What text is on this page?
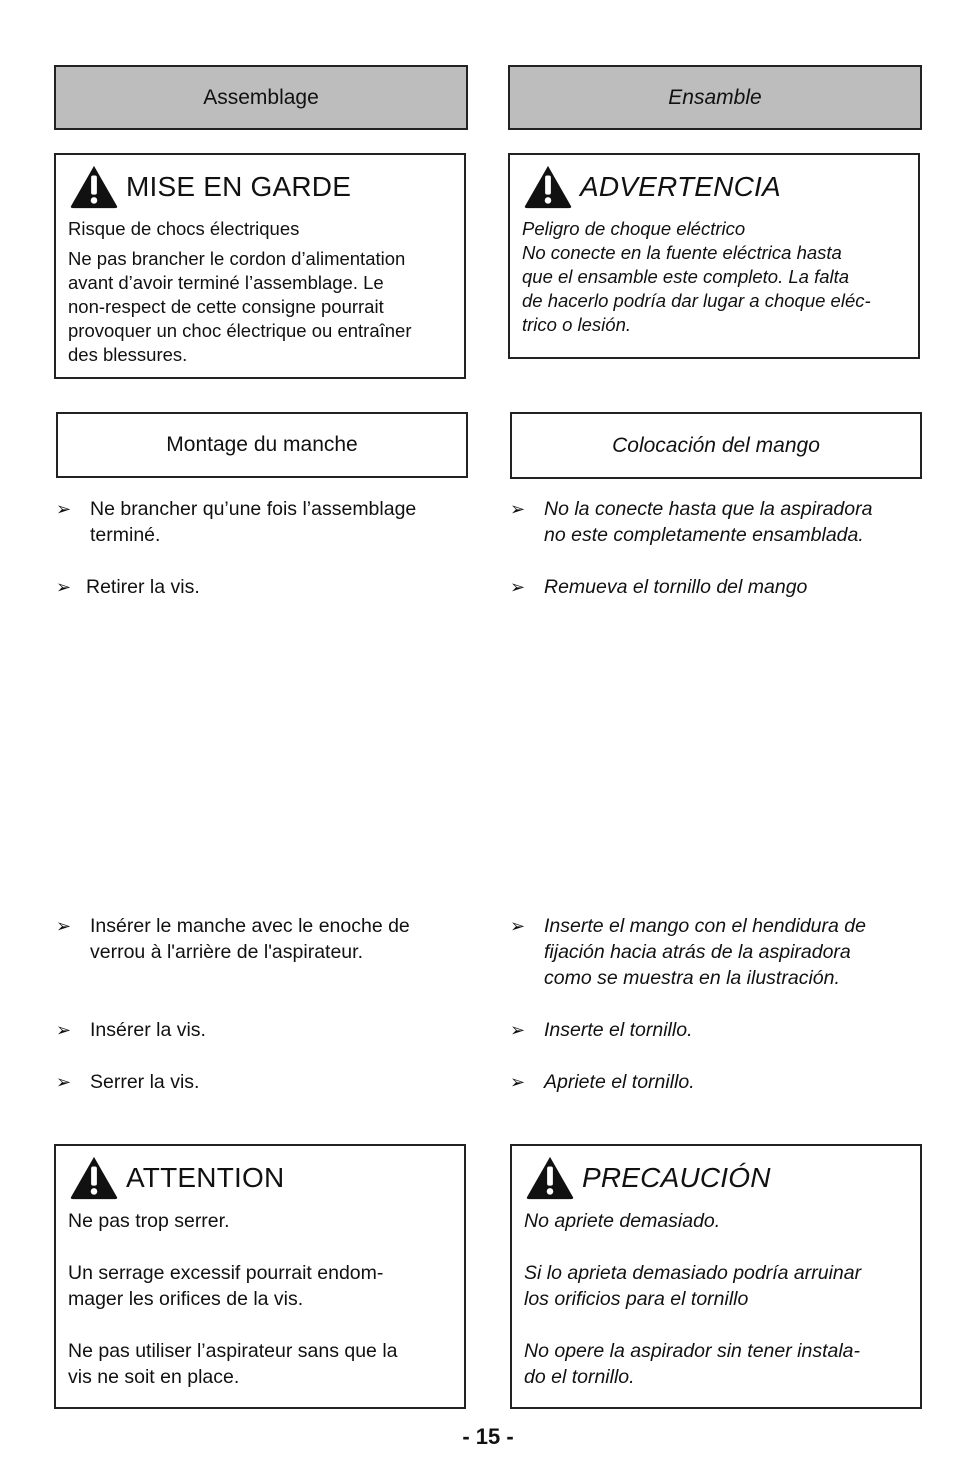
Assemblage
MISE EN GARDE
Risque de chocs électriques
Ne pas brancher le cordon d’alimentation
avant d’avoir terminé l’assemblage. Le
non-respect de cette consigne pourrait
provoquer un choc électrique ou entraîner
des blessures.
Montage du manche
➢ Ne brancher qu’une fois l’assemblage
terminé.
➢ Retirer la vis.
➢ Insérer le manche avec le enoche de
verrou à l'arrière de l'aspirateur.
➢ Insérer la vis.
➢ Serrer la vis.
ATTENTION
Ne pas trop serrer.
Un serrage excessif pourrait endom-
mager les orifices de la vis.
Ne pas utiliser l’aspirateur sans que la
vis ne soit en place.
Ensamble
ADVERTENCIA
Peligro de choque eléctrico
No conecte en la fuente eléctrica hasta
que el ensamble este completo. La falta
de hacerlo podría dar lugar a choque eléc-
trico o lesión.
Colocación del mango
➢ No la conecte hasta que la aspiradora
no este completamente ensamblada.
➢ Remueva el tornillo del mango
➢ Inserte el mango con el hendidura de
fijación hacia atrás de la aspiradora
como se muestra en la ilustración.
➢ Inserte el tornillo.
➢ Apriete el tornillo.
PRECAUCIÓN
No apriete demasiado.
Si lo aprieta demasiado podría arruinar
los orificios para el tornillo
No opere la aspirador sin tener instala-
do el tornillo.
- 15 -
